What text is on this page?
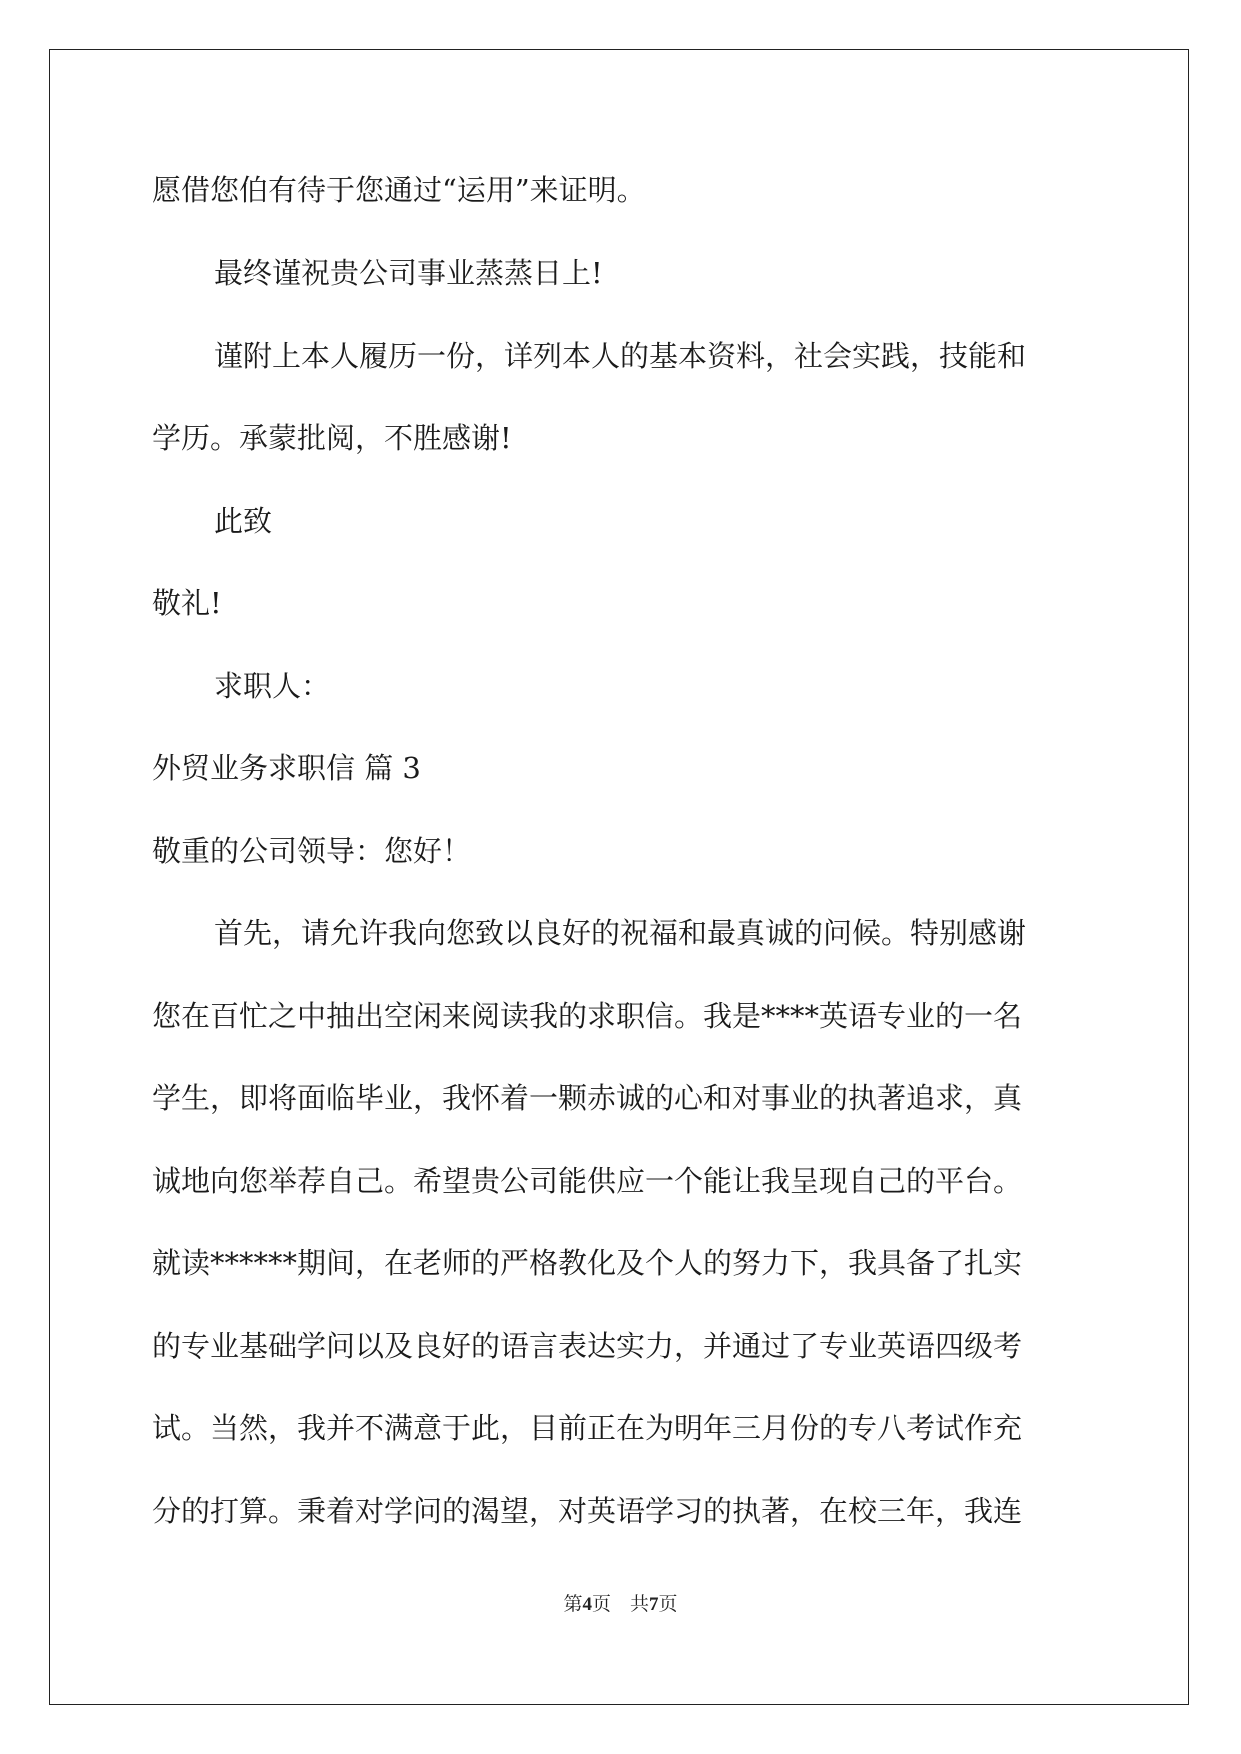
愿借您伯有待于您通过“运用”来证明。

最终谨祝贵公司事业蒸蒸日上!

谨附上本人履历一份，详列本人的基本资料，社会实践，技能和

学历。承蒙批阅，不胜感谢!

此致

敬礼!

求职人：

外贸业务求职信 篇 3

敬重的公司领导：您好！

首先，请允许我向您致以良好的祝福和最真诚的问候。特别感谢

您在百忙之中抽出空闲来阅读我的求职信。我是****英语专业的一名

学生，即将面临毕业，我怀着一颗赤诚的心和对事业的执著追求，真

诚地向您举荐自己。希望贵公司能供应一个能让我呈现自己的平台。

就读******期间，在老师的严格教化及个人的努力下，我具备了扎实

的专业基础学问以及良好的语言表达实力，并通过了专业英语四级考

试。当然，我并不满意于此，目前正在为明年三月份的专八考试作充

分的打算。秉着对学问的渴望，对英语学习的执著，在校三年，我连

第4页　共7页
